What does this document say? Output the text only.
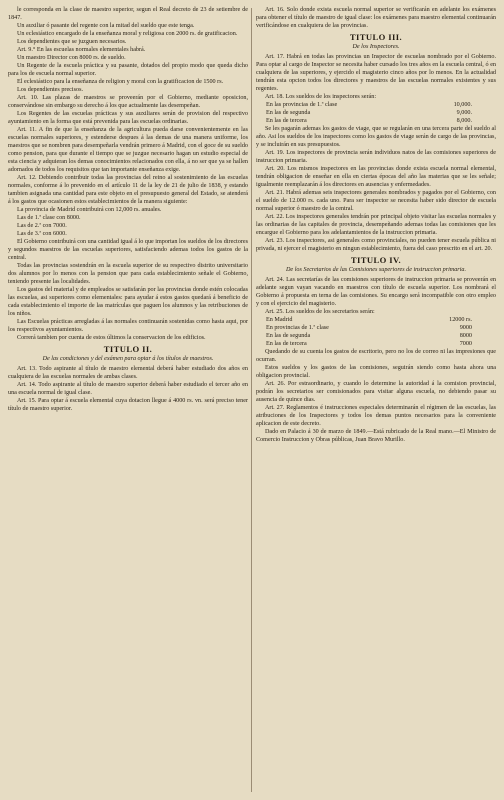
le corresponda en la clase de maestro superior, segun el Real decreto de 23 de setiembre de 1847.

Un auxiliar ó pasante del regente con la mitad del sueldo que este tenga.

Un eclesiástico encargado de la enseñanza moral y religiosa con 2000 rs. de gratificacion.

Los dependientes que se juzguen necesarios.

Art. 9.° En las escuelas normales elementales habrá.

Un maestro Director con 8000 rs. de sueldo.

Un Regente de la escuela práctica y su pasante, dotados del propio modo que queda dicho para los de escuela normal superior.

El eclesiástico para la enseñanza de religion y moral con la gratificacion de 1500 rs.

Los dependientes precisos.

Art. 10. Las plazas de maestros se proveerán por el Gobierno, mediante oposicion, conservándose sin embargo su derecho á los que actualmente las desempeñan.

Los Regentes de las escuelas prácticas y sus auxiliares serán de provision del respectivo ayuntamiento en la forma que está prevenida para las escuelas ordinarias.

Art. 11. A fin de que la enseñanza de la agricultura pueda darse convenientemente en las escuelas normales superiores, y estenderse despues á las demas de una manera uniforme, los maestros que se nombren para desempeñarla vendrán primero á Madrid, con el goce de su sueldo como pension, para que durante el tiempo que se juzgue necesario hagan un estudio especial de esta ciencia y adquieran los demas conocimientos relacionados con ella, á no ser que ya se hallen adornados de todos los requisitos que tan importante enseñanza exige.

Art. 12. Debiendo contribuir todas las provincias del reino al sostenimiento de las escuelas normales, conforme á lo prevenido en el artículo 11 de la ley de 21 de julio de 1838, y estando tambien asignada una cantidad para este objeto en el presupuesto general del Estado, se atenderá á los gastos que ocasionen estos establecimientos de la manera siguiente:

La provincia de Madrid contribuirá con 12,000 rs. anuales.

Las de 1.ª clase con 8000.

Las de 2.ª con 7000.

Las de 3.ª con 6000.

El Gobierno contribuirá con una cantidad igual á lo que importan los sueldos de los directores y segundos maestros de las escuelas superiores, satisfaciendo ademas todos los gastos de la central.

Todas las provincias sostendrán en la escuela superior de su respectivo distrito universitario dos alumnos por lo menos con la pension que para cada establecimiento señale el Gobierno, teniendo presente las localidades.

Los gastos del material y de empleados se satisfarán por las provincias donde estén colocadas las escuelas, asi superiores como elementales: para ayudar á estos gastos quedará á beneficio de cada establecimiento el importe de las matrículas que paguen los alumnos y las retribuciones de los niños.

Las Escuelas prácticas arregladas á las normales continuarán sostenidas como hasta aqui, por los respectivos ayuntamientos.

Correrá tambien por cuenta de estos últimos la conservacion de los edificios.

TITULO II.

De las condiciones y del exámen para optar á los títulos de maestros.

Art. 13. Todo aspirante al título de maestro elemental deberá haber estudiado dos años en cualquiera de las escuelas normales de ambas clases.

Art. 14. Todo aspirante al título de maestro superior deberá haber estudiado el tercer año en una escuela normal de igual clase.

Art. 15. Para optar á escuela elemental cuya dotacion llegue á 4000 rs. vn. será preciso tener título de maestro superior.

Art. 16. Solo donde exista escuela normal superior se verificarán en adelante los exámenes para obtener el título de maestro de igual clase: los exámenes para maestro elemental continuarán verificándose en cualquiera de las provincias.

TITULO III.

De los Inspectores.

Art. 17. Habrá en todas las provincias un Inspector de escuelas nombrado por el Gobierno. Para optar al cargo de Inspector se necesita haber cursado los tres años en la escuela central, ó en cualquiera de las superiores, y ejercido el magisterio cinco años por lo menos. En la actualidad tendrán esta opcion todos los directores y maestros de las escuelas normales existentes y sus regentes.

Art. 18. Los sueldos de los inspectores serán:

En las provincias de 1.ª clase	10,000.
En las de segunda	9,000.
En las de tercera	8,000.

Se les pagarán ademas los gastos de viage, que se regularán en una tercera parte del sueldo al año. Asi los sueldos de los inspectores como los gastos de viage serán de cargo de las provincias, y se incluirán en sus presupuestos.

Art. 19. Los inspectores de provincia serán individuos natos de las comisiones superiores de instruccion primaria.

Art. 20. Los mismos inspectores en las provincias donde exista escuela normal elemental, tendrán obligacion de enseñar en ella en ciertas épocas del año las materias que se les señale; igualmente reemplazarán á los directores en ausencias y enfermedades.

Art. 21. Habrá ademas seis inspectores generales nombrados y pagados por el Gobierno, con el sueldo de 12.000 rs. cada uno. Para ser inspector se necesita haber sido director de escuela normal superior ó maestro de la central.

Art. 22. Los inspectores generales tendrán por principal objeto visitar las escuelas normales y las ordinarias de las capitales de provincia, desempeñando ademas todas las comisiones que les encargue el Gobierno para los adelantamientos de la instruccion primaria.

Art. 23. Los inspectores, asi generales como provinciales, no pueden tener escuela pública ni privada, ni ejercer el magisterio en ningun establecimiento, fuera del caso prescrito en el art. 20.

TITULO IV.

De los Secretarios de las Comisiones superiores de instruccion primaria.

Art. 24. Las secretarías de las comisiones superiores de instruccion primaria se proveerán en adelante segun vayan vacando en maestros con título de escuela superior. Los nombrará el Gobierno á propuesta en terna de las comisiones. Su encargo será incompatible con otro empleo y con el ejercicio del magisterio.

Art. 25. Los sueldos de los secretarios serán:

En Madrid	12000 rs.
En provincias de 1.ª clase	9000
En las de segunda	8000
En las de tercera	7000

Quedando de su cuenta los gastos de escritorio, pero no los de correo ni las impresiones que ocurran.

Estos sueldos y los gastos de las comisiones, seguirán siendo como hasta ahora una obligacion provincial.

Art. 26. Por estraordinario, y cuando lo determine la autoridad á la comision provincial, podrán los secretarios ser comisionados para visitar alguna escuela, no debiendo pasar su ausencia de quince dias.

Art. 27. Reglamentos é instrucciones especiales determinarán el régimen de las escuelas, las atribuciones de los Inspectores y todos los demas puntos necesarios para la conveniente aplicacion de este decreto.

Dado en Palacio á 30 de marzo de 1849.—Está rubricado de la Real mano.—El Ministro de Comercio Instruccion y Obras públicas, Juan Bravo Murillo.
